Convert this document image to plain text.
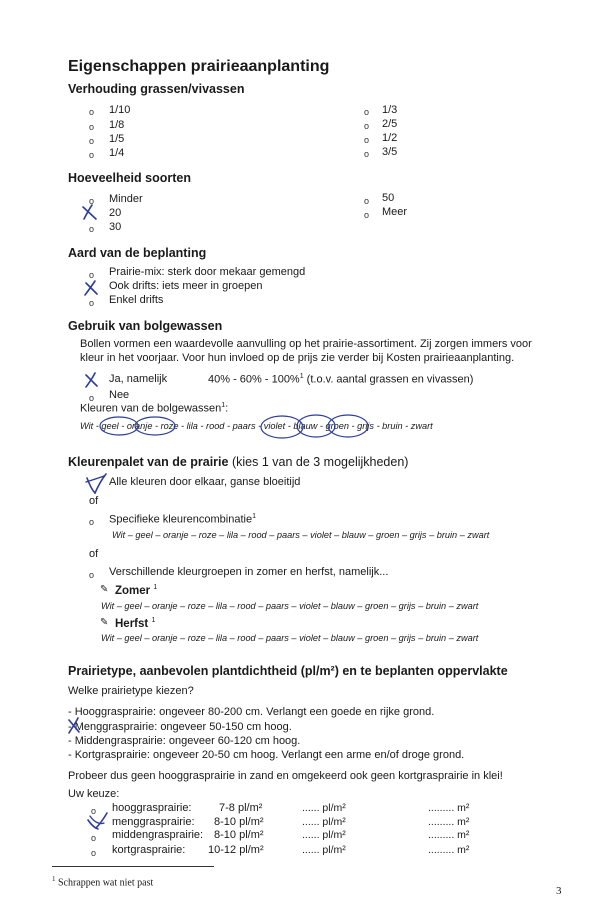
Eigenschappen prairieaanplanting
Verhouding grassen/vivassen
o 1/10
o 1/8
o 1/5
o 1/4
o 1/3
o 2/5
o 1/2
o 3/5
Hoeveelheid soorten
o Minder
20
o 30
o 50
o Meer
Aard van de beplanting
o Prairie-mix: sterk door mekaar gemengd
Ook drifts: iets meer in groepen
o Enkel drifts
Gebruik van bolgewassen
Bollen vormen een waardevolle aanvulling op het prairie-assortiment. Zij zorgen immers voor
kleur in het voorjaar. Voor hun invloed op de prijs zie verder bij Kosten prairieaanplanting.
Ja, namelijk	40% - 60% - 100%$^1$ (t.o.v. aantal grassen en vivassen)
o Nee
Kleuren van de bolgewassen$^1$:
Wit - geel - oranje - roze - lila - rood - paars - violet - blauw - groen - grijs - bruin - zwart
Kleurenpalet van de prairie (kies 1 van de 3 mogelijkheden)
Alle kleuren door elkaar, ganse bloeitijd
of
o Specifieke kleurencombinatie$^1$
Wit – geel – oranje – roze – lila – rood – paars – violet – blauw – groen – grijs – bruin – zwart
of
o Verschillende kleurgroepen in zomer en herfst, namelijk...
✎ Zomer $^1$
Wit – geel – oranje – roze – lila – rood – paars – violet – blauw – groen – grijs – bruin – zwart
✎ Herfst $^1$
Wit – geel – oranje – roze – lila – rood – paars – violet – blauw – groen – grijs – bruin – zwart
Prairietype, aanbevolen plantdichtheid (pl/m²) en te beplanten oppervlakte
Welke prairietype kiezen?
- Hooggrasprairie: ongeveer 80-200 cm. Verlangt een goede en rijke grond.
- Menggrasprairie: ongeveer 50-150 cm hoog.
- Middengrasprairie: ongeveer 60-120 cm hoog.
- Kortgrasprairie: ongeveer 20-50 cm hoog. Verlangt een arme en/of droge grond.
Probeer dus geen hooggrasprairie in zand en omgekeerd ook geen kortgrasprairie in klei!
Uw keuze:
o hooggrasprairie:	7-8 pl/m²	...... pl/m²	......... m²
menggrasprairie: 8-10 pl/m²	...... pl/m²	......... m²
o middengrasprairie: 8-10 pl/m²	...... pl/m²	......... m²
o kortgrasprairie: 10-12 pl/m²	...... pl/m²	......... m²
$^1$ Schrappen wat niet past
3
